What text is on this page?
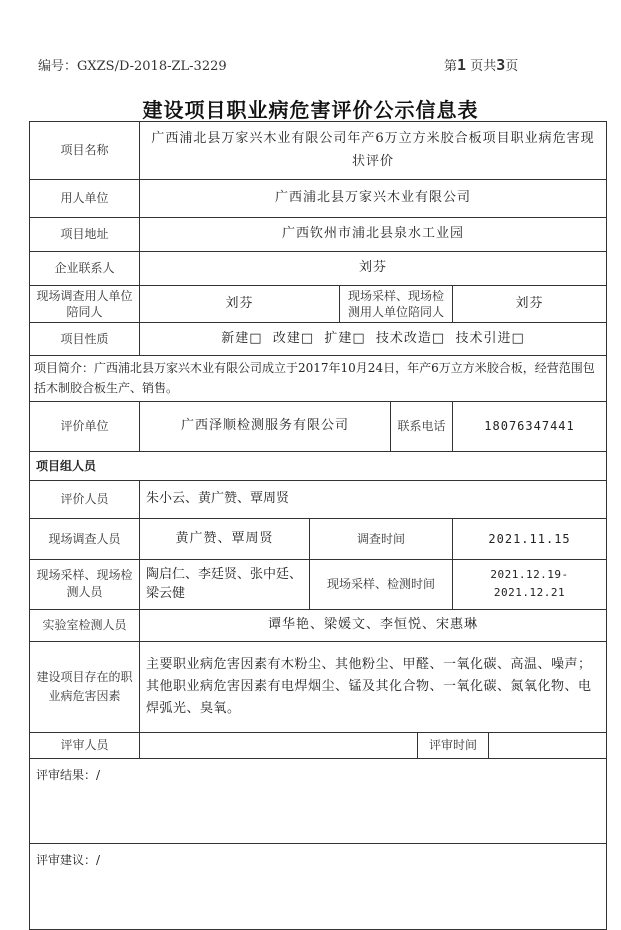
编号：GXZS/D-2018-ZL-3229	第1 页共3页
建设项目职业病危害评价公示信息表
项目名称	广西浦北县万家兴木业有限公司年产6万立方米胶合板项目职业病危害现状评价						
用人单位	广西浦北县万家兴木业有限公司						
项目地址	广西钦州市浦北县泉水工业园						
企业联系人	刘芬						
现场调查用人单位陪同人	刘芬		现场采样、现场检测用人单位陪同人			刘芬	
项目性质	新建□  改建□  扩建□  技术改造□  技术引进□						
项目简介：广西浦北县万家兴木业有限公司成立于2017年10月24日，年产6万立方米胶合板，经营范围包括木制胶合板生产、销售。							
评价单位	广西泽顺检测服务有限公司			联系电话		18076347441	
项目组人员							
评价人员	朱小云、黄广赞、覃周贤						
现场调查人员	黄广赞、覃周贤	调查时间				2021.11.15	
现场采样、现场检测人员	陶启仁、李廷贤、张中廷、梁云健	现场采样、检测时间				2021.12.19-2021.12.21	
实验室检测人员	谭华艳、梁媛文、李恒悦、宋惠琳						
建设项目存在的职业病危害因素	主要职业病危害因素有木粉尘、其他粉尘、甲醛、一氧化碳、高温、噪声；
其他职业病危害因素有电焊烟尘、锰及其化合物、一氧化碳、氮氧化物、电焊弧光、臭氧。						

评审人员					评审时间		
评审结果：/							
评审建议：/							
